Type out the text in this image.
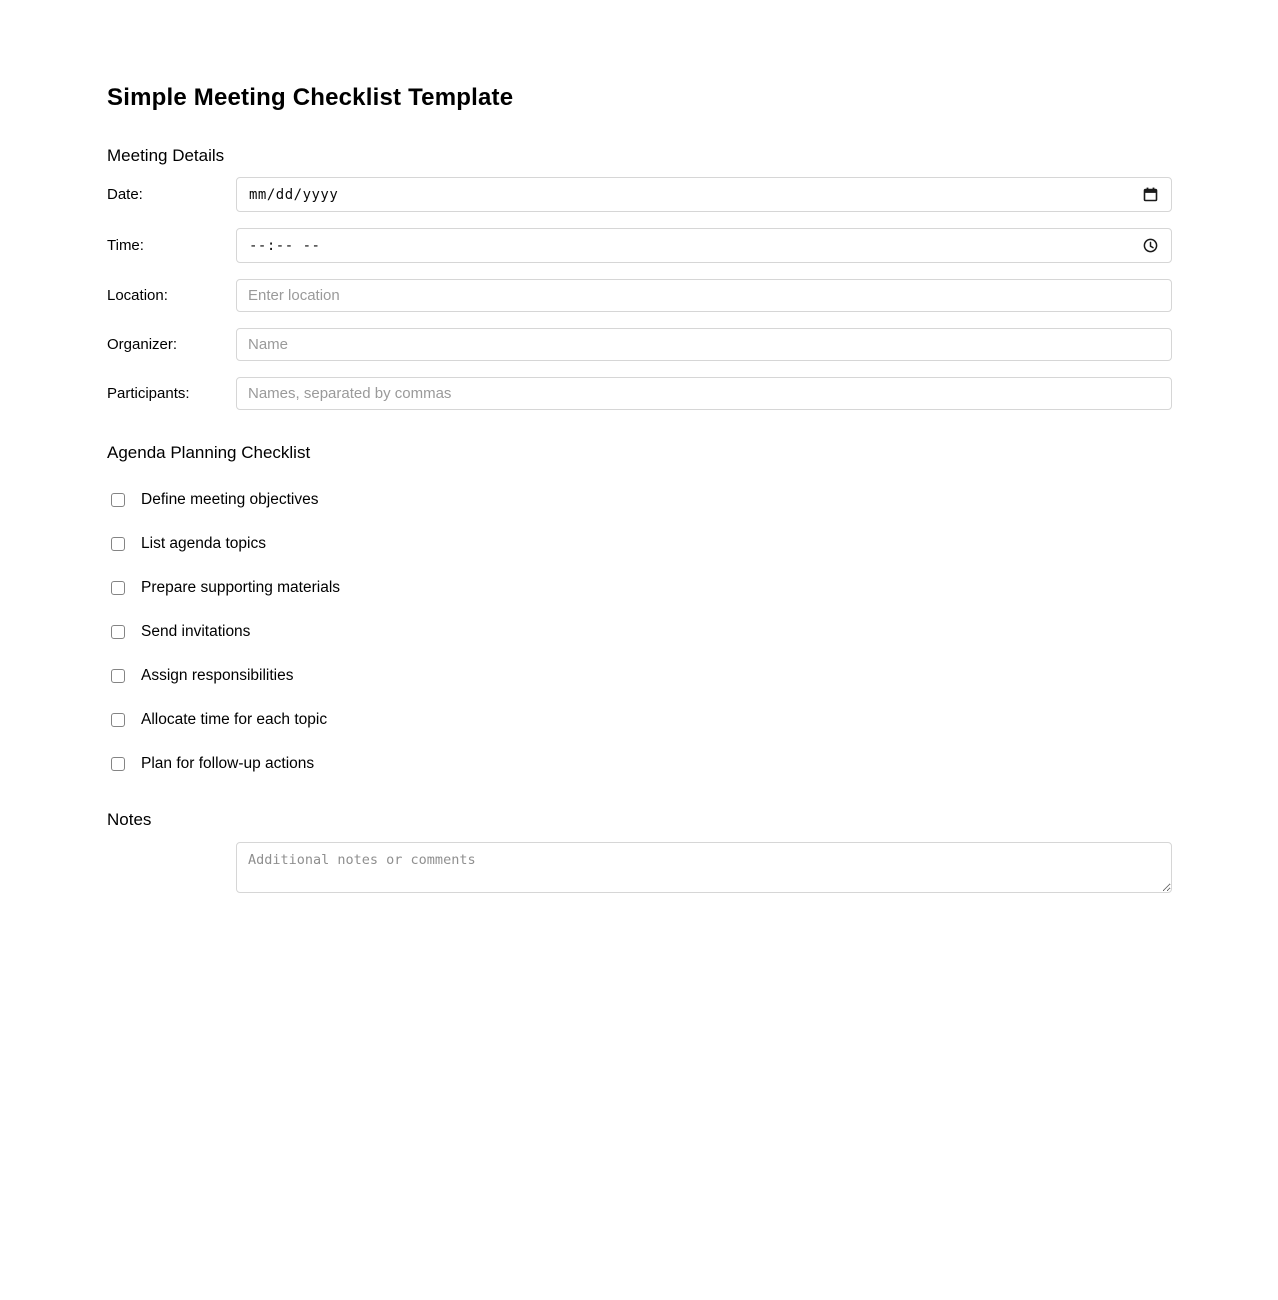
Simple Meeting Checklist Template
Meeting Details
Date:	mm/dd/yyyy
Time:	--:-- --
Location:
Enter location
Organizer:
Name
Participants:
Names, separated by commas
Agenda Planning Checklist
Define meeting objectives
List agenda topics
Prepare supporting materials
Send invitations
Assign responsibilities
Allocate time for each topic
Plan for follow-up actions
Notes
Additional notes or comments
